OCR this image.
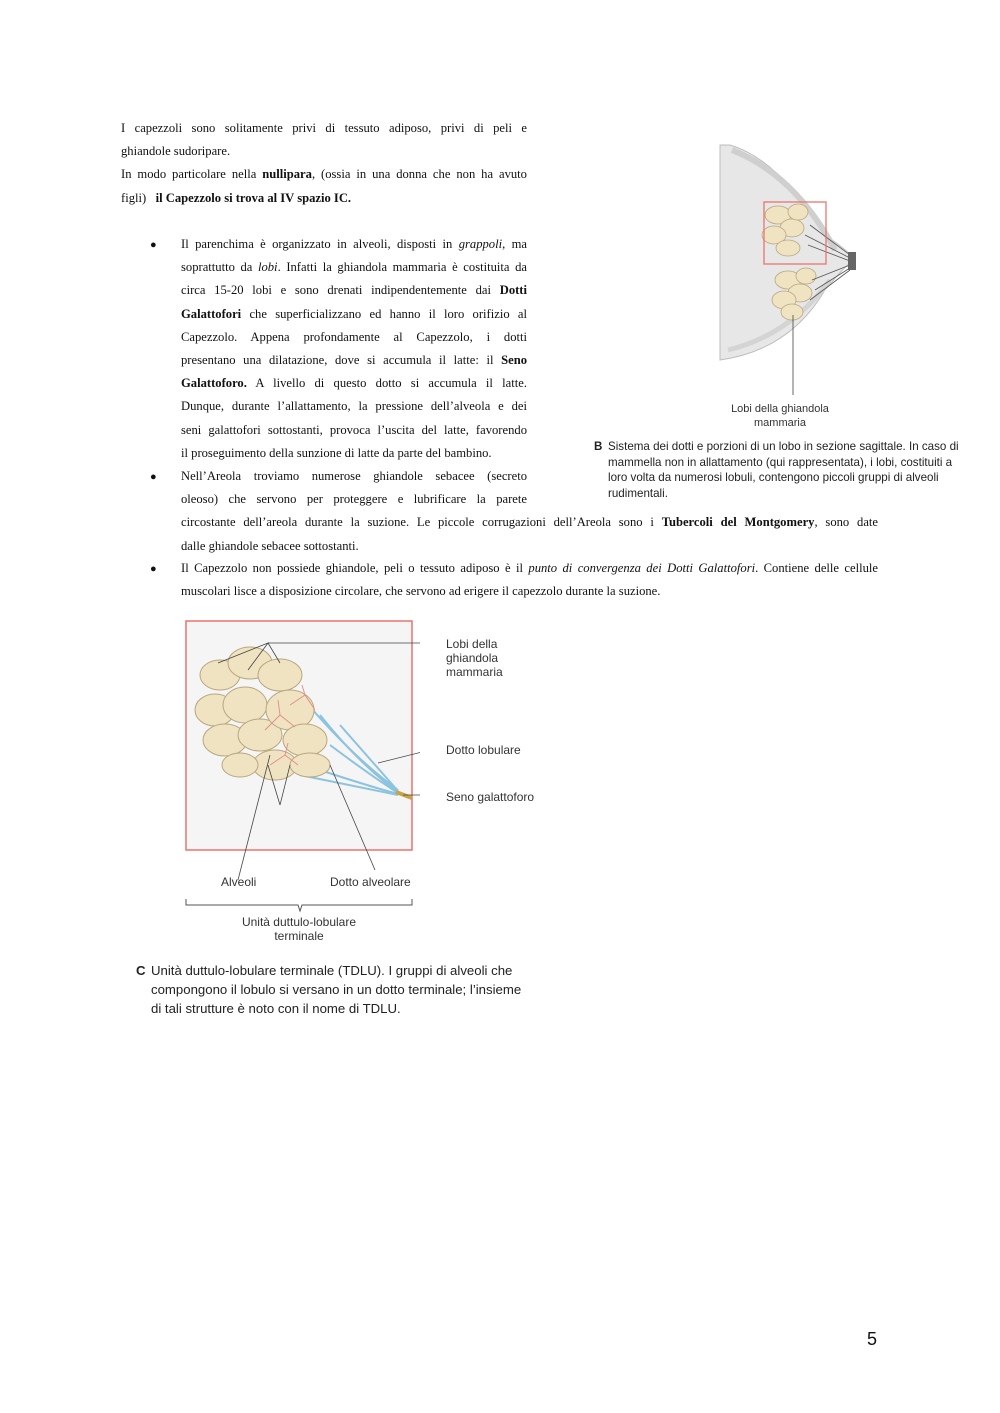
I capezzoli sono solitamente privi di tessuto adiposo, privi di peli e
ghiandole sudoripare.
In modo particolare nella nullipara, (ossia in una donna che non ha avuto
figli)   il Capezzolo si trova al IV spazio IC.
● Il parenchima è organizzato in alveoli, disposti in grappoli, ma
soprattutto da lobi. Infatti la ghiandola mammaria è costituita da
circa 15-20 lobi e sono drenati indipendentemente dai Dotti
Galattofori che superficializzano ed hanno il loro orifizio al
Capezzolo. Appena profondamente al Capezzolo, i dotti
presentano una dilatazione, dove si accumula il latte: il Seno
Galattoforo. A livello di questo dotto si accumula il latte.
Dunque, durante l’allattamento, la pressione dell’alveola e dei
seni galattofori sottostanti, provoca l’uscita del latte, favorendo
il proseguimento della sunzione di latte da parte del bambino.
● Nell’Areola troviamo numerose ghiandole sebacee (secreto
oleoso) che servono per proteggere e lubrificare la parete
circostante dell’areola durante la suzione. Le piccole corrugazioni dell’Areola sono i Tubercoli del Montgomery, sono date
dalle ghiandole sebacee sottostanti.
● Il Capezzolo non possiede ghiandole, peli o tessuto adiposo è il punto di convergenza dei Dotti Galattofori. Contiene delle cellule
muscolari lisce a disposizione circolare, che servono ad erigere il capezzolo durante la suzione.
Lobi della ghiandola
mammaria
B Sistema dei dotti e porzioni di un lobo in sezione sagittale. In caso di
mammella non in allattamento (qui rappresentata), i lobi, costituiti a
loro volta da numerosi lobuli, contengono piccoli gruppi di alveoli
rudimentali.
Lobi della
ghiandola
mammaria
Dotto lobulare
Seno galattoforo
Alveoli	Dotto alveolare
Unità duttulo-lobulare
terminale
C Unità duttulo-lobulare terminale (TDLU). I gruppi di alveoli che
compongono il lobulo si versano in un dotto terminale; l’insieme
di tali strutture è noto con il nome di TDLU.
5
